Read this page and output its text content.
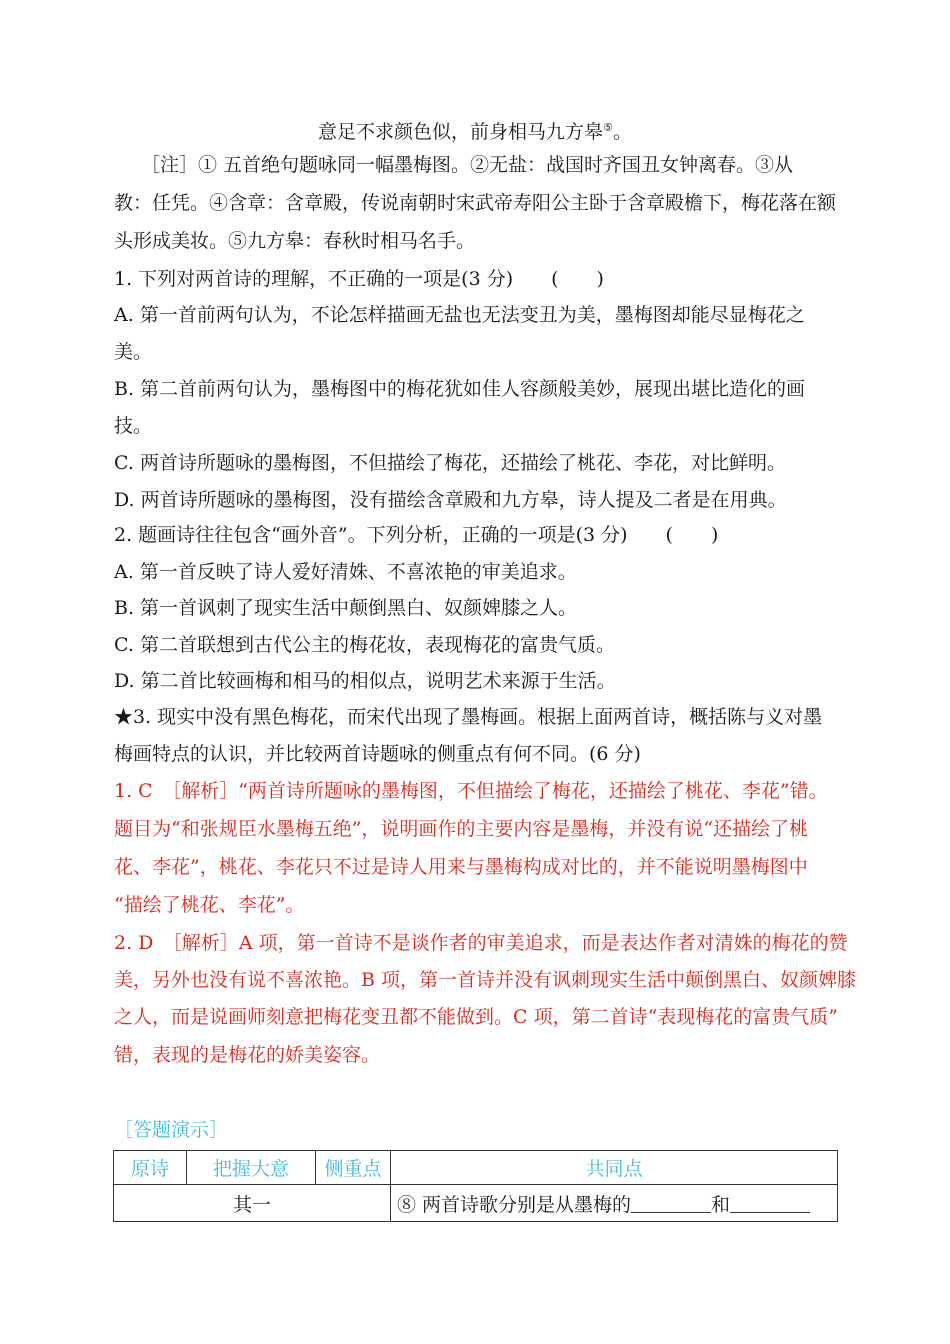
意足不求颜色似，前身相马九方皋⑤。
［注］① 五首绝句题咏同一幅墨梅图。②无盐：战国时齐国丑女钟离春。③从
教：任凭。④含章：含章殿，传说南朝时宋武帝寿阳公主卧于含章殿檐下，梅花落在额
头形成美妆。⑤九方皋：春秋时相马名手。
1. 下列对两首诗的理解，不正确的一项是(3 分)　　(　　)
A. 第一首前两句认为，不论怎样描画无盐也无法变丑为美，墨梅图却能尽显梅花之
美。
B. 第二首前两句认为，墨梅图中的梅花犹如佳人容颜般美妙，展现出堪比造化的画
技。
C. 两首诗所题咏的墨梅图，不但描绘了梅花，还描绘了桃花、李花，对比鲜明。
D. 两首诗所题咏的墨梅图，没有描绘含章殿和九方皋，诗人提及二者是在用典。
2. 题画诗往往包含“画外音”。下列分析，正确的一项是(3 分)　　(　　)
A. 第一首反映了诗人爱好清姝、不喜浓艳的审美追求。
B. 第一首讽刺了现实生活中颠倒黑白、奴颜婢膝之人。
C. 第二首联想到古代公主的梅花妆，表现梅花的富贵气质。
D. 第二首比较画梅和相马的相似点，说明艺术来源于生活。
★3. 现实中没有黑色梅花，而宋代出现了墨梅画。根据上面两首诗，概括陈与义对墨
梅画特点的认识，并比较两首诗题咏的侧重点有何不同。(6 分)
1. C　［解析］“两首诗所题咏的墨梅图，不但描绘了梅花，还描绘了桃花、李花”错。
题目为“和张规臣水墨梅五绝”，说明画作的主要内容是墨梅，并没有说“还描绘了桃
花、李花”，桃花、李花只不过是诗人用来与墨梅构成对比的，并不能说明墨梅图中
“描绘了桃花、李花”。
2. D　［解析］A 项，第一首诗不是谈作者的审美追求，而是表达作者对清姝的梅花的赞
美，另外也没有说不喜浓艳。B 项，第一首诗并没有讽刺现实生活中颠倒黑白、奴颜婢膝
之人，而是说画师刻意把梅花变丑都不能做到。C 项，第二首诗“表现梅花的富贵气质”
错，表现的是梅花的娇美姿容。
［答题演示］
原诗	把握大意	侧重点	共同点
其一			⑧ 两首诗歌分别是从墨梅的 和
